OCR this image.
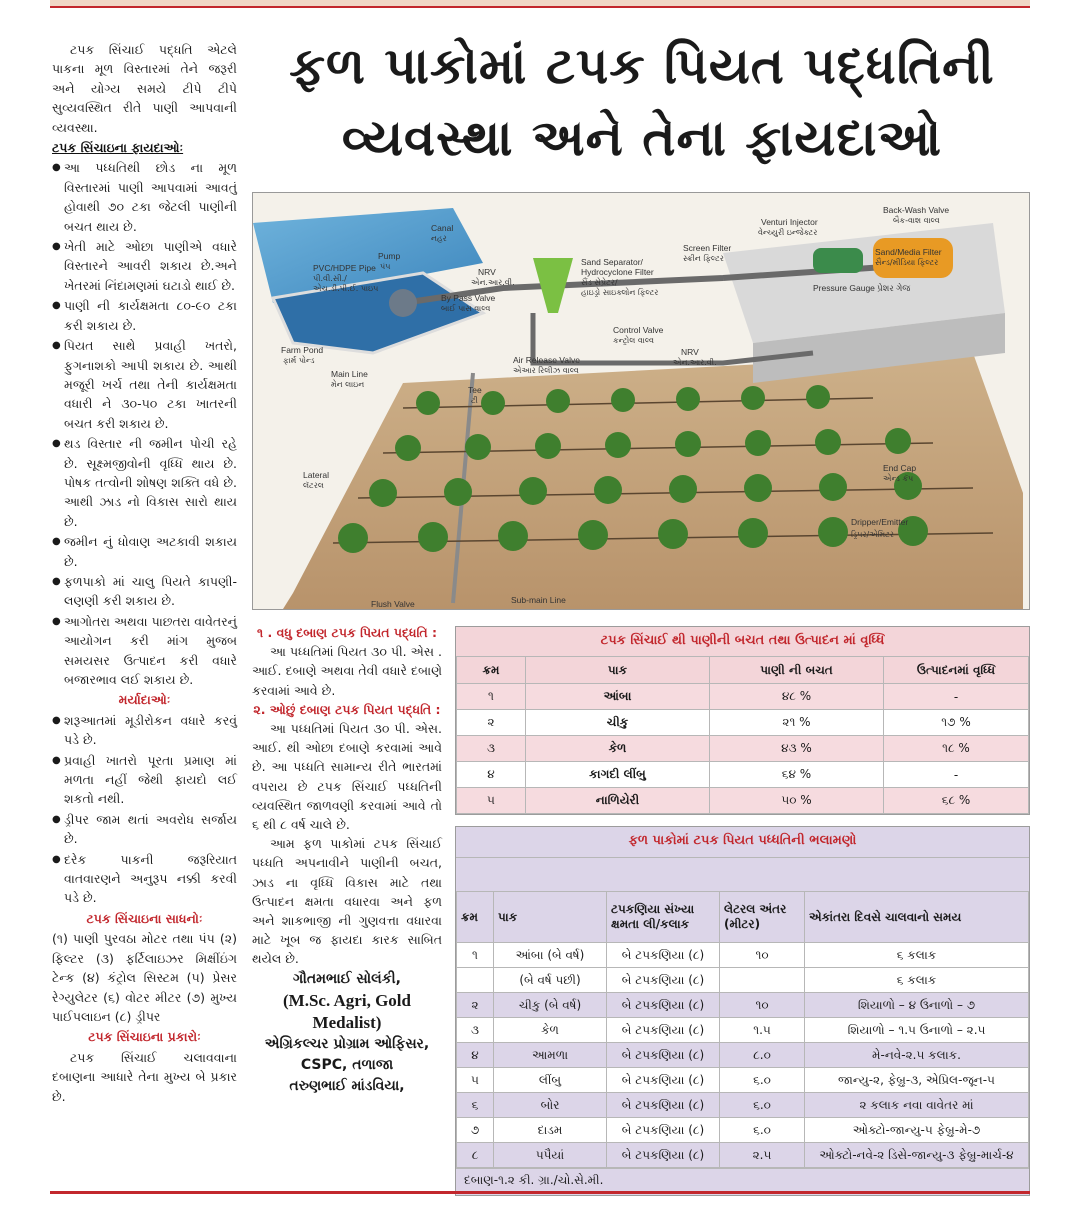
ટપક સિંચાઈ પદ્ધતિ એટલે પાકના મૂળ વિસ્તારમાં તેને જરૂરી અને યોગ્ય સમયે ટીપે ટીપે સુવ્યવસ્થિત રીતે પાણી આપવાની વ્યવસ્થા.

ટપક સિંચાઇના ફાયદાઓઃ
● આ પધ્ધતિથી છોડ ના મૂળ વિસ્તારમાં પાણી આપવામાં આવતું હોવાથી ૭૦ ટકા જેટલી પાણીની બચત થાય છે.
● ખેતી માટે ઓછા પાણીએ વધારે વિસ્તારને આવરી શકાય છે.અને ખેતરમાં નિંદામણમાં ઘટાડો થાઈ છે.
● પાણી ની કાર્યક્ષમતા ૮૦-૯૦ ટકા કરી શકાય છે.
● પિયત સાથે પ્રવાહી ખતરો, ફુગનાશકો આપી શકાય છે. આથી મજૂરી ખર્ચ તથા તેની કાર્યક્ષમતા વધારી ને ૩૦-૫૦ ટકા ખાતરની બચત કરી શકાય છે.
● થડ વિસ્તાર ની જમીન પોચી રહે છે. સૂક્ષ્મજીવોની વૃધ્ધિ થાય છે. પોષક તત્વોની શોષણ શક્તિ વધે છે. આથી ઝાડ નો વિકાસ સારો થાય છે.
● જમીન નું ધોવાણ અટકાવી શકાય છે.
● ફળપાકો માં ચાલુ પિયતે કાપણી-લણણી કરી શકાય છે.
● આગોતરા અથવા પાછતરા વાવેતરનું આયોગન કરી માંગ મુજબ સમયસર ઉત્પાદન કરી વધારે બજારભાવ લઈ શકાય છે.
મર્યાદાઓઃ
● શરૂઆતમાં મૂડીરોકન વધારે કરવું પડે છે.
● પ્રવાહી ખાતરો પૂરતા પ્રમાણ માં મળતા નહીં જેથી ફાયદો લઈ શકતો નથી.
● ડ્રીપર જામ થતાં અવરોધ સર્જાય છે.
● દરેક પાકની જરૂરિયાત વાતવારણને અનુરૂપ નક્કી કરવી પડે છે.
ટપક સિંચાઇના સાધનોઃ

(૧) પાણી પુરવઠા મોટર તથા પંપ (૨) ફિલ્ટર (૩) ફર્ટિલાઇઝર મિક્ષીંઇંગ ટેન્ક (૪) કંટ્રોલ સિસ્ટમ (૫) પ્રેસર રેગ્યુલેટર (૬) વોટર મીટર (૭) મુખ્ય પાઈપલાઇન (૮) ડ્રીપર

ટપક સિંચાઇના પ્રકારોઃ

ટપક સિંચાઈ ચલાવવાના દબાણના આધારે તેના મુખ્ય બે પ્રકાર છે.

ફળ પાકોમાં ટપક પિયત પદ્ધતિની
વ્યવસ્થા અને તેના ફાયદાઓ
Canal
નહર
Pump
પંપ
PVC/HDPE Pipe
પી.વી.સી./
એચ.ડી.પી.ઈ. પાઇપ
NRV
એન.આર.વી.
By Pass Valve
બાઈ પાસ વાલ્વ
Venturi Injector
વેન્ચ્યુરી ઇન્જેક્ટર
Back-Wash Valve
બૈક-વાશ વાલ્વ
Screen Filter
સ્ક્રીન ફિલ્ટર
Sand/Media Filter
સૈન્ડ/મીડિયા ફિલ્ટર
Sand Separator/
Hydrocyclone Filter
સૈંડ સેપ્રેટર/
હાઇડ્રો સાઇક્લોન ફિલ્ટર	Pressure Gauge પ્રેશર ગેજ
Farm Pond
ફાર્મ પોન્ડ
Main Line
મેન લાઇન
Control Valve
કન્ટ્રોલ વાલ્વ
Air Release Valve
એઆર રિલીઝ વાલ્વ
NRV
એન.આર.વી.
Tee
ટી
Lateral
લૅટરલ
End Cap
એન્ડ કૅપ
Dripper/Emitter
ડ્રિપર/એમિટર
Sub-main Line
Flush Valve

૧ . વધુ દબાણ ટપક પિયત પદ્ધતિ :

આ પધ્ધતિમાં પિયત ૩૦ પી. એસ . આઈ. દબાણે અથવા તેવી વધારે દબાણે કરવામાં આવે છે.

૨. ઓછું દબાણ ટપક પિયત પદ્ધતિ :

આ પધ્ધતિમાં પિયત ૩૦ પી. એસ. આઈ. થી ઓછા દબાણે કરવામાં આવે છે. આ પધ્ધતિ સામાન્ય રીતે ભારતમાં વપરાય છે ટપક સિંચાઈ પધ્ધતિની વ્યવસ્થિત જાળવણી કરવામાં આવે તો ૬ થી ૮ વર્ષ ચાલે છે.

આમ ફળ પાકોમાં ટપક સિંચાઈ પધ્ધતિ અપનાવીને પાણીની બચત, ઝાડ ના વૃધ્ધિ વિકાસ માટે તથા ઉત્પાદન ક્ષમતા વધારવા અને ફળ અને શાકભાજી ની ગુણવત્તા વધારવા માટે ખૂબ જ ફાયદા કારક સાબિત થયેલ છે.

ગૌતમભાઈ સોલંકી,

(M.Sc. Agri, Gold Medalist)

એગ્રિકલ્ચર પ્રોગ્રામ ઓફિસર, CSPC, તળાજા

તરુણભાઈ માંડવિયા,

ટપક સિંચાઈ થી પાણીની બચત તથા ઉત્પાદન માં વૃધ્ધિ
ક્રમ	પાક	પાણી ની બચત	ઉત્પાદનમાં વૃધ્ધિ
૧	આંબા	૪૮ %	-
૨	ચીકુ	૨૧ %	૧૭ %
૩	કેળ	૪૩ %	૧૮ %
૪	કાગદી લીંબુ	૬૪ %	-
૫	નાળિયેરી	૫૦ %	૬૮ %
ફળ પાકોમાં ટપક પિયત પધ્ધતિની ભલામણો
ક્રમ	પાક	ટપકણિયા સંખ્યા ક્ષમતા લી/કલાક	લેટરલ અંતર (મીટર)	એકાંતરા દિવસે ચાલવાનો સમય
૧	આંબા (બે વર્ષ)	બે ટપકણિયા (૮)	૧૦	૬ કલાક
	(બે વર્ષ પછી)	બે ટપકણિયા (૮)		૬ કલાક
૨	ચીકુ (બે વર્ષ)	બે ટપકણિયા (૮)	૧૦	શિયાળો – ૪ ઉનાળો – ૭
૩	કેળ	બે ટપકણિયા (૮)	૧.૫	શિયાળો – ૧.૫ ઉનાળો – ૨.૫
૪	આમળા	બે ટપકણિયા (૮)	૮.૦	મે-નવે-૨.૫ કલાક.
૫	લીંબુ	બે ટપકણિયા (૮)	૬.૦	જાન્યુ-૨, ફેબ્રુ-૩, એપ્રિલ-જૂન-૫
૬	બોર	બે ટપકણિયા (૮)	૬.૦	૨ કલાક નવા વાવેતર માં
૭	દાડમ	બે ટપકણિયા (૮)	૬.૦	ઓક્ટો-જાન્યુ-૫ ફેબ્રુ-મે-૭
૮	પપૈયાં	બે ટપકણિયા (૮)	૨.૫	ઓક્ટો-નવે-૨ ડિસે-જાન્યુ-૩ ફેબ્રુ-માર્ચ-૪
દબાણ-૧.૨ કી. ગ્રા./ચો.સે.મી.
